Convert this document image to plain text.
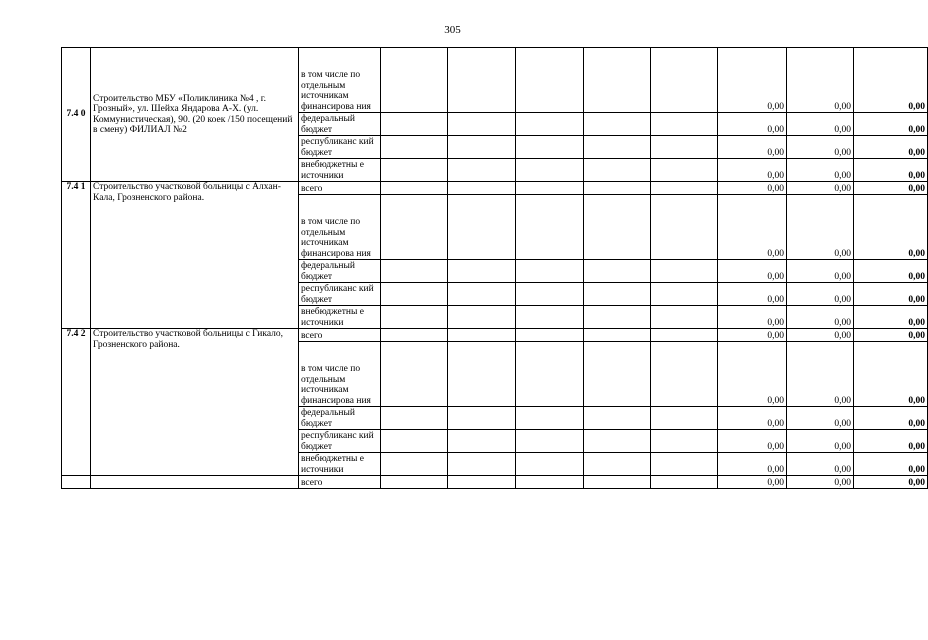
305
7.4 0	Строительство МБУ «Поликлиника №4 , г. Грозный», ул. Шейха Яндарова А-Х. (ул. Коммунистическая), 90. (20 коек /150 посещений в смену) ФИЛИАЛ №2	в том числе по отдельным источникам финансирова ния						0,00	0,00	0,00
		федеральный бюджет						0,00	0,00	0,00
		республиканс кий бюджет						0,00	0,00	0,00
		внебюджетны е источники						0,00	0,00	0,00
7.4 1	Строительство участковой больницы с Алхан-Кала, Грозненского района.	всего						0,00	0,00	0,00
		в том числе по отдельным источникам финансирова ния						0,00	0,00	0,00
		федеральный бюджет						0,00	0,00	0,00
		республиканс кий бюджет						0,00	0,00	0,00
		внебюджетны е источники						0,00	0,00	0,00
7.4 2	Строительство участковой больницы с Гикало, Грозненского района.	всего						0,00	0,00	0,00
		в том числе по отдельным источникам финансирова ния						0,00	0,00	0,00
		федеральный бюджет						0,00	0,00	0,00
		республиканс кий бюджет						0,00	0,00	0,00
		внебюджетны е источники						0,00	0,00	0,00
		всего						0,00	0,00	0,00
